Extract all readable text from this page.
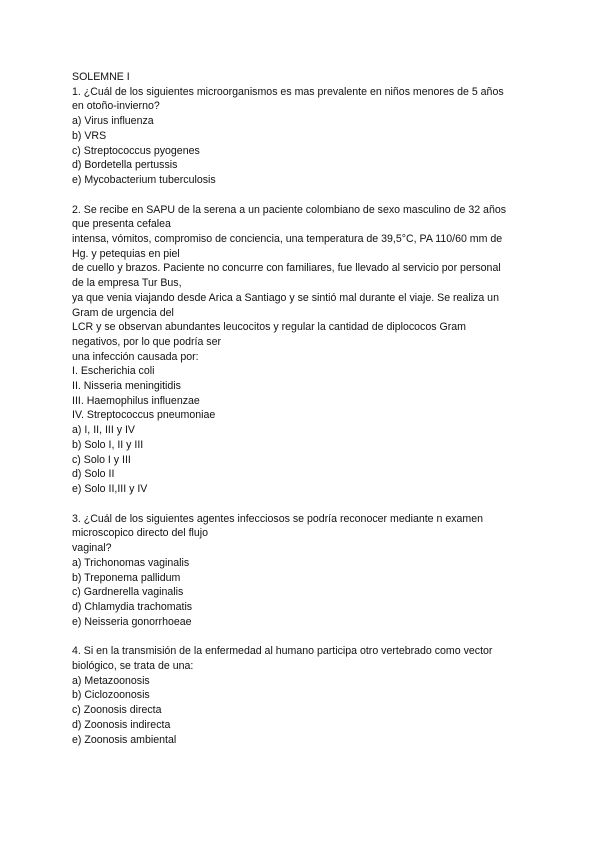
SOLEMNE I
1. ¿Cuál de los siguientes microorganismos es mas prevalente en niños menores de 5 años
en otoño-invierno?
a) Virus influenza
b) VRS
c) Streptococcus pyogenes
d) Bordetella pertussis
e) Mycobacterium tuberculosis
2. Se recibe en SAPU de la serena a un paciente colombiano de sexo masculino de 32 años
que presenta cefalea
intensa, vómitos, compromiso de conciencia, una temperatura de 39,5°C, PA 110/60 mm de
Hg. y petequias en piel
de cuello y brazos. Paciente no concurre con familiares, fue llevado al servicio por personal
de la empresa Tur Bus,
ya que venia viajando desde Arica a Santiago y se sintió mal durante el viaje. Se realiza un
Gram de urgencia del
LCR y se observan abundantes leucocitos y regular la cantidad de diplococos Gram
negativos, por lo que podría ser
una infección causada por:
I. Escherichia coli
II. Nisseria meningitidis
III. Haemophilus influenzae
IV. Streptococcus pneumoniae
a) I, II, III y IV
b) Solo I, II y III
c) Solo I y III
d) Solo II
e) Solo II,III y IV
3. ¿Cuál de los siguientes agentes infecciosos se podría reconocer mediante n examen
microscopico directo del flujo
vaginal?
a) Trichonomas vaginalis
b) Treponema pallidum
c) Gardnerella vaginalis
d) Chlamydia trachomatis
e) Neisseria gonorrhoeae
4. Si en la transmisión de la enfermedad al humano participa otro vertebrado como vector
biológico, se trata de una:
a) Metazoonosis
b) Ciclozoonosis
c) Zoonosis directa
d) Zoonosis indirecta
e) Zoonosis ambiental
